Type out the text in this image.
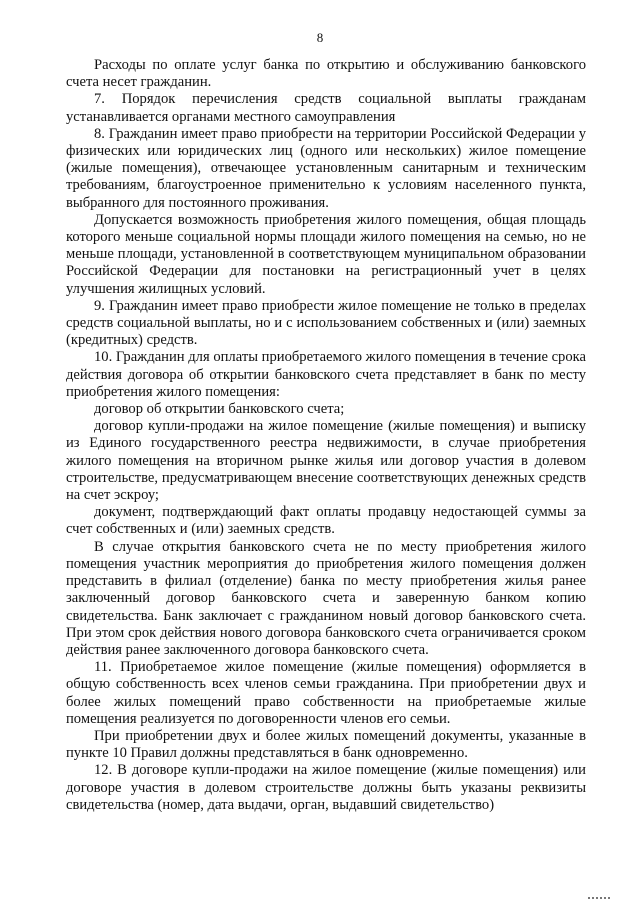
8

Расходы по оплате услуг банка по открытию и обслуживанию банковского счета несет гражданин.

7. Порядок перечисления средств социальной выплаты гражданам устанавливается органами местного самоуправления

8. Гражданин имеет право приобрести на территории Российской Федерации у физических или юридических лиц (одного или нескольких) жилое помещение (жилые помещения), отвечающее установленным санитарным и техническим требованиям, благоустроенное применительно к условиям населенного пункта, выбранного для постоянного проживания.

Допускается возможность приобретения жилого помещения, общая площадь которого меньше социальной нормы площади жилого помещения на семью, но не меньше площади, установленной в соответствующем муниципальном образовании Российской Федерации для постановки на регистрационный учет в целях улучшения жилищных условий.

9. Гражданин имеет право приобрести жилое помещение не только в пределах средств социальной выплаты, но и с использованием собственных и (или) заемных (кредитных) средств.

10. Гражданин для оплаты приобретаемого жилого помещения в течение срока действия договора об открытии банковского счета представляет в банк по месту приобретения жилого помещения:

договор об открытии банковского счета;

договор купли-продажи на жилое помещение (жилые помещения) и выписку из Единого государственного реестра недвижимости, в случае приобретения жилого помещения на вторичном рынке жилья или договор участия в долевом строительстве, предусматривающем внесение соответствующих денежных средств на счет эскроу;

документ, подтверждающий факт оплаты продавцу недостающей суммы за счет собственных и (или) заемных средств.

В случае открытия банковского счета не по месту приобретения жилого помещения участник мероприятия до приобретения жилого помещения должен представить в филиал (отделение) банка по месту приобретения жилья ранее заключенный договор банковского счета и заверенную банком копию свидетельства. Банк заключает с гражданином новый договор банковского счета. При этом срок действия нового договора банковского счета ограничивается сроком действия ранее заключенного договора банковского счета.

11. Приобретаемое жилое помещение (жилые помещения) оформляется в общую собственность всех членов семьи гражданина. При приобретении двух и более жилых помещений право собственности на приобретаемые жилые помещения реализуется по договоренности членов его семьи.

При приобретении двух и более жилых помещений документы, указанные в пункте 10 Правил должны представляться в банк одновременно.

12. В договоре купли-продажи на жилое помещение (жилые помещения) или договоре участия в долевом строительстве должны быть указаны реквизиты свидетельства (номер, дата выдачи, орган, выдавший свидетельство)
